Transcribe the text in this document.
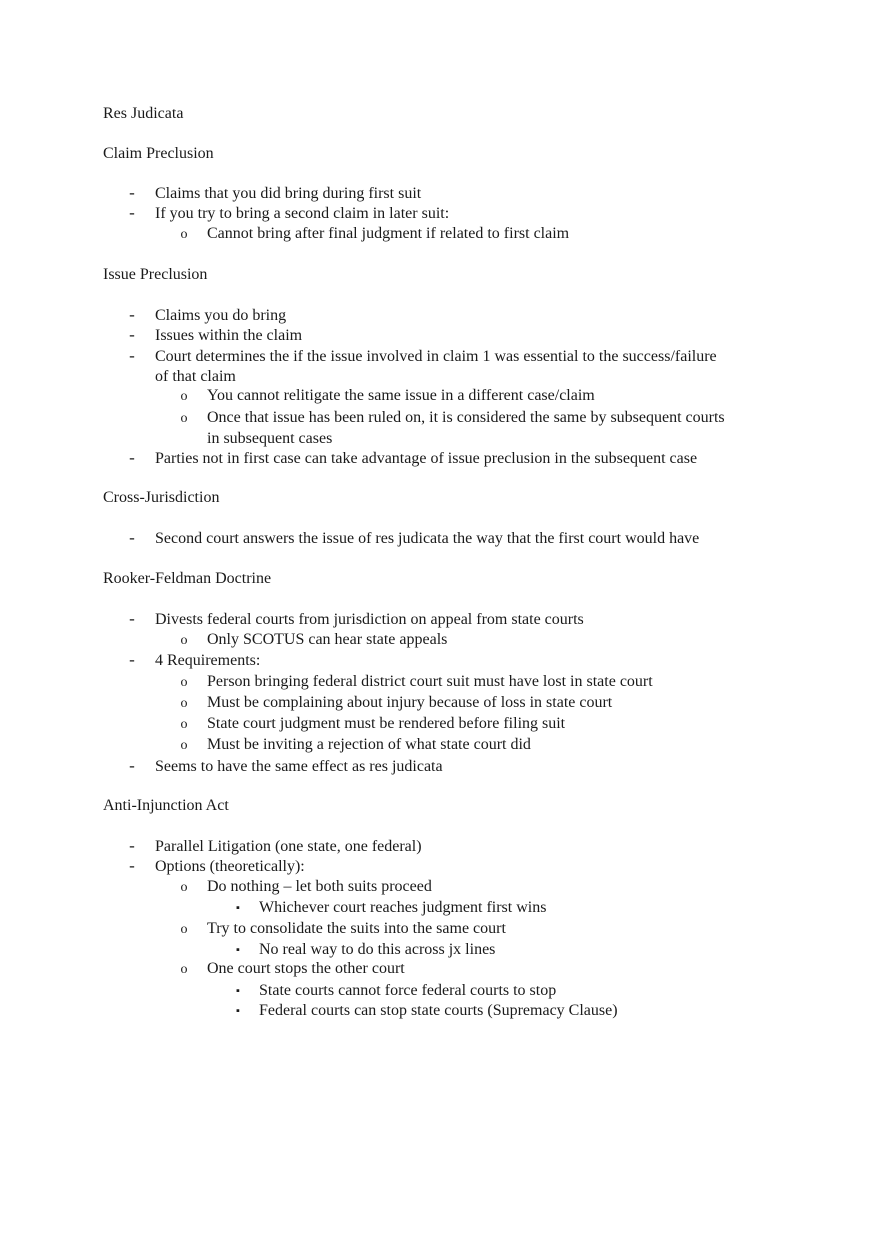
Res Judicata
Claim Preclusion
- Claims that you did bring during first suit
- If you try to bring a second claim in later suit:
o Cannot bring after final judgment if related to first claim
Issue Preclusion
- Claims you do bring
- Issues within the claim
- Court determines the if the issue involved in claim 1 was essential to the success/failure
of that claim
o You cannot relitigate the same issue in a different case/claim
o Once that issue has been ruled on, it is considered the same by subsequent courts
in subsequent cases
- Parties not in first case can take advantage of issue preclusion in the subsequent case
Cross-Jurisdiction
- Second court answers the issue of res judicata the way that the first court would have
Rooker-Feldman Doctrine
- Divests federal courts from jurisdiction on appeal from state courts
o Only SCOTUS can hear state appeals
- 4 Requirements:
o Person bringing federal district court suit must have lost in state court
o Must be complaining about injury because of loss in state court
o State court judgment must be rendered before filing suit
o Must be inviting a rejection of what state court did
- Seems to have the same effect as res judicata
Anti-Injunction Act
- Parallel Litigation (one state, one federal)
- Options (theoretically):
o Do nothing – let both suits proceed
▪	Whichever court reaches judgment first wins
o Try to consolidate the suits into the same court
▪	No real way to do this across jx lines
o One court stops the other court
▪	State courts cannot force federal courts to stop
▪	Federal courts can stop state courts (Supremacy Clause)
